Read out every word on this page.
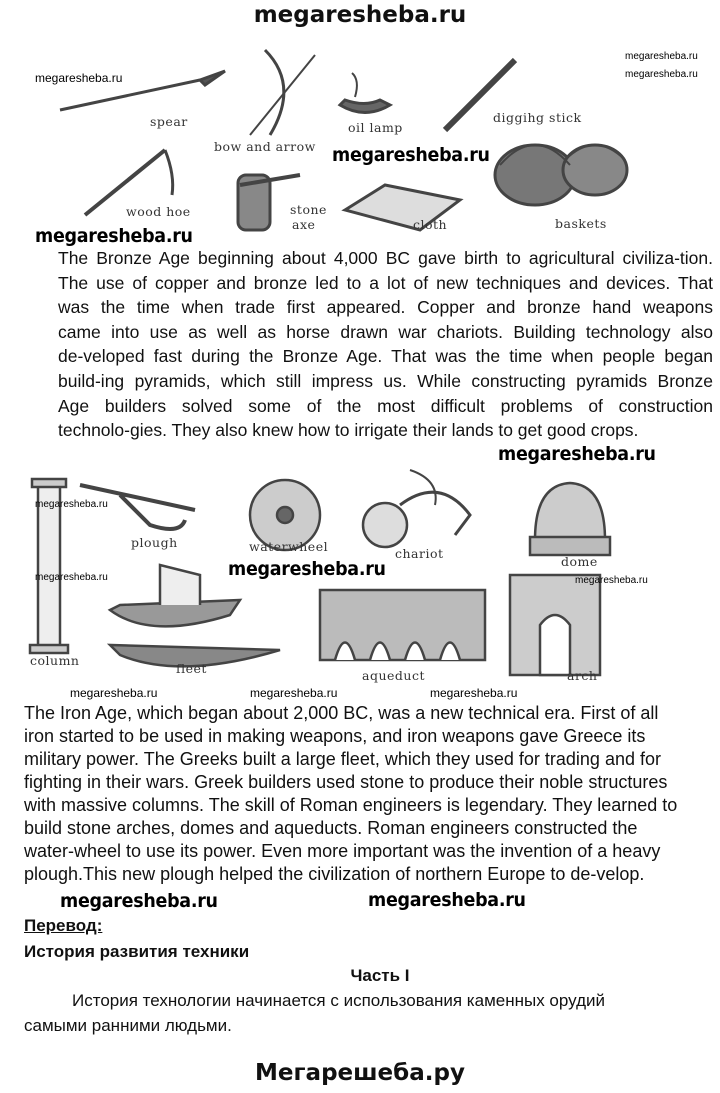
megaresheba.ru
spear
bow and arrow
oil lamp
diggihg stick
wood hoe	stone
axe	cloth	baskets
megaresheba.ru
megaresheba.ru
megaresheba.ru
megaresheba.ru
megaresheba.ru
The Bronze Age beginning about 4,000 BC gave birth to agricultural civiliza-tion.
The use of copper and bronze led to a lot of new techniques and devices. That
was the time when trade first appeared. Copper and bronze hand weapons
came into use as well as horse drawn war chariots. Building technology also
de-veloped fast during the Bronze Age. That was the time when people began
build-ing pyramids, which still impress us. While constructing pyramids Bronze
Age builders solved some of the most difficult problems of construction
technolo-gies. They also knew how to irrigate their lands to get good crops.
megaresheba.ru
plough	waterwheel	chariot
dome
column
fleet	aqueduct	arch
megaresheba.ru
megaresheba.ru	megaresheba.ru
megaresheba.ru
megaresheba.ru	megaresheba.ru	megaresheba.ru
The Iron Age, which began about 2,000 BC, was a new technical era. First of all
iron started to be used in making weapons, and iron weapons gave Greece its
military power. The Greeks built a large fleet, which they used for trading and for
fighting in their wars. Greek builders used stone to produce their noble structures
with massive columns. The skill of Roman engineers is legendary. They learned to
build stone arches, domes and aqueducts. Roman engineers constructed the
water-wheel to use its power. Even more important was the invention of a heavy
plough.This new plough helped the civilization of northern Europe to de-velop.
megaresheba.ru	megaresheba.ru
Перевод:
История развития техники
Часть I
История технологии начинается с использования каменных орудий
самыми ранними людьми.
Мегарешеба.ру
